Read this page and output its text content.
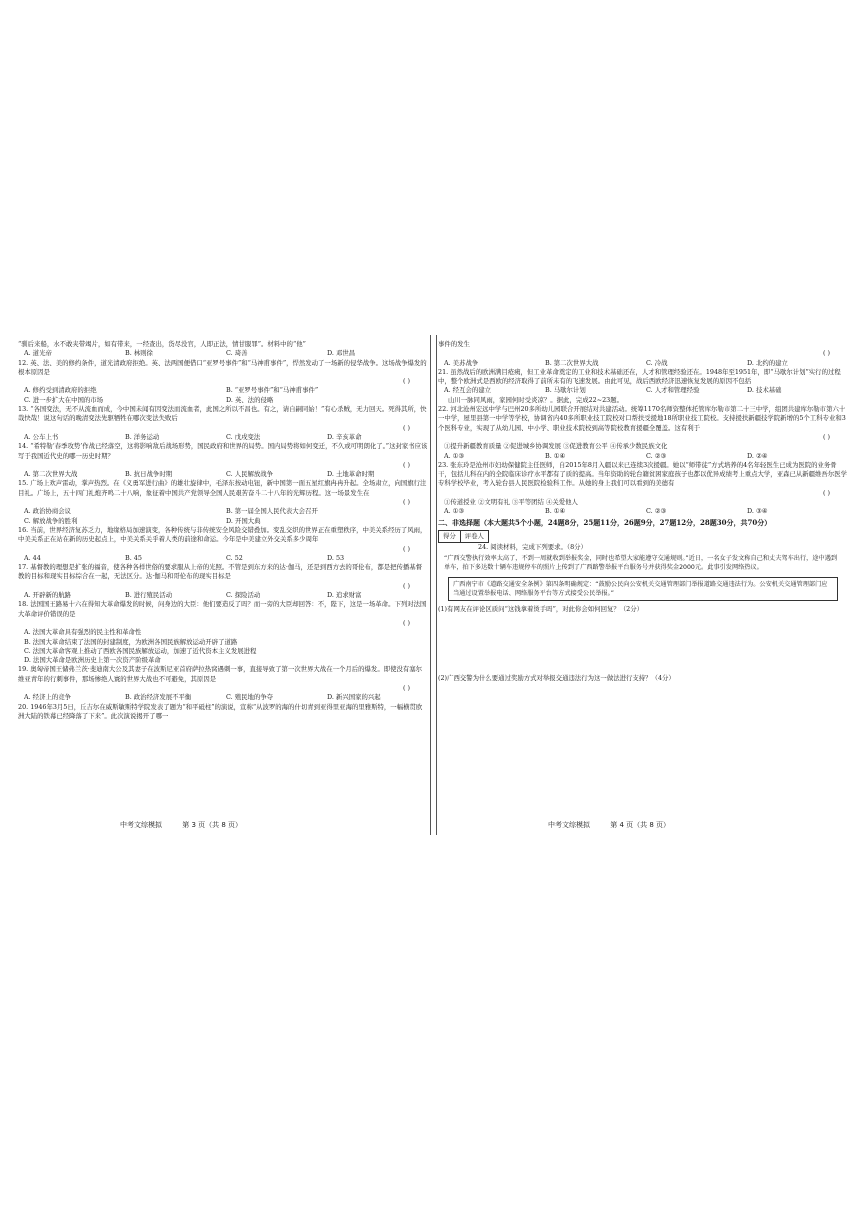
“驯后来船，水不敢夹带竭片，如有带来，一经查出，货尽没官，人即正法，情甘服罪”。材料中的“他”

A. 道光帝	B. 林则徐	C. 琦善	D. 邓世昌

12. 英、法、美的修约条件，道光清政府拒绝。英、法两国便借口“亚罗号事件”和“马神甫事件”，悍然发动了一场新的侵华战争。这场战争爆发的根本原因是

( )
A. 修约受到清政府的拒绝	B. “亚罗号事件”和“马神甫事件”
C. 进一步扩大在中国的市场	D. 英、法的侵略

13. “各国变法，无不从流血而成，今中国未闻有因变法而流血者，此国之所以不昌也。有之，请自嗣同始！”有心杀贼，无力回天。死得其所，快哉快哉！说这句话的晚清变法先驱牺牲在哪次变法失败后

( )
A. 公车上书	B. 洋务运动	C. 戊戌变法	D. 辛亥革命

14. “希特勒‘春季攻势’作战已经落空，这将影响敌后战场形势，国民政府和世界的局势。国内局势将如何变迁，不久或可明朗化了。”这封家书应该写于我国近代史的哪一历史时期？

( )
A. 第二次世界大战	B. 抗日战争时期	C. 人民解放战争	D. 土地革命时期

15. 广场上欢声雷动，掌声热烈。在《义勇军进行曲》的雄壮旋律中，毛泽东按动电钮，新中国第一面五星红旗冉冉升起。全场肃立，向国旗行注目礼。广场上，五十四门礼炮齐鸣二十八响，象征着中国共产党领导全国人民艰苦奋斗二十八年的光辉历程。这一场景发生在

( )
A. 政治协商会议	B. 第一届全国人民代表大会召开
C. 解放战争的胜利	D. 开国大典

16. 当前，世界经济复苏乏力，地缘格局加速演变，各种传统与非传统安全风险交错叠加。变乱交织的世界正在重塑秩序，中美关系经历了风雨，中美关系正在站在新的历史起点上，中美关系关乎着人类的前途和命运。今年是中美建立外交关系多少周年

( )
A. 44	B. 45	C. 52	D. 53

17. 基督教的理想是扩张的福音，使各种各样世俗的要求服从上帝的光照。不管是到东方来的达·伽马，还是到西方去的哥伦布，都是把传播基督教的目标和现实目标综合在一起，无法区分。达·伽马和哥伦布的现实目标是

( )
A. 开辟新的航路	B. 进行殖民活动	C. 探险活动	D. 追求财富

18. 法国国王路易十六在得知大革命爆发的时候，问身边的大臣：他们要造反了吗？而一旁的大臣却回答：不，陛下，这是一场革命。下列对法国大革命评价错误的是

( )
A. 法国大革命具有强烈的民主性和革命性
B. 法国大革命结束了法国的封建制度，为欧洲各国民族解放运动开辟了道路
C. 法国大革命客观上推动了西欧各国民族解放运动，加速了近代资本主义发展进程
D. 法国大革命是欧洲历史上第一次资产阶级革命

19. 奥匈帝国王储弗兰茨·斐迪南大公及其妻子在波斯尼亚首府萨拉热窝遇刺一事，直接导致了第一次世界大战在一个月后的爆发。即使没有塞尔维亚青年的行刺事件，那场惨绝人寰的世界大战也不可避免，其原因是

( )
A. 经济上的竞争	B. 政治经济发展不平衡	C. 殖民地的争夺	D. 新兴国家的兴起

20. 1946年3月5日，丘吉尔在威斯敏斯特学院发表了题为“和平砥柱”的演说，宣称“从波罗的海的什切青到亚得里亚海的里雅斯特，一幅横贯欧洲大陆的铁幕已经降落了下来”。此次演说揭开了哪一

中考文综模拟	第 3 页（共 8 页）

事件的发生

( )
A. 美苏战争	B. 第二次世界大战	C. 冷战	D. 北约的建立

21. 虽然战后的欧洲满目疮痍，但工业革命奠定的工业和技术基础还在，人才和管理经验还在。1948年至1951年，即“马歇尔计划”实行的过程中，整个欧洲式是西欧的经济取得了前所未有的飞速发展。由此可见，战后西欧经济迅速恢复发展的原因不包括

A. 经互会的建立	B. 马歇尔计划	C. 人才和管理经验	D. 技术基础

山川一脉同风雨，家园何时受炎凉？。据此，完成22~23题。

22. 河北沧州宏远中学与巴州20多所幼儿园联合开展结对共建活动。统筹1170名师资整体托管库尔勒市第二十三中学，组团共建库尔勒市第六十一中学，屋里县第一中学等学校，协调省内40多所职业技工院校对口帮扶受援地18所职业技工院校。支持援扶新疆技学院新增的5个工科专业和3个医科专业，实现了从幼儿园、中小学、职业技术院校到高等院校教育援疆全覆盖。这有利于

( )

①提升新疆教育质量 ②促进城乡协调发展 ③促进教育公平 ④传承少数民族文化

A. ①③	B. ①④	C. ②③	D. ②④

23. 张东玲是沧州市妇幼保健院主任医师，自2015年8月入疆以来已连续3次援疆。她以“师带徒”方式培养的4名年轻医生已成为医院的业务骨干，包括儿科在内的全院临床诊疗水平都有了质的提高。当年资助的轮台籍贫困家庭孩子也都以优异成绩考上重点大学，亚森已从新疆维吾尔医学专科学校毕业，考入轮台县人民医院检验科工作。从她的身上我们可以看到的美德有

( )

①传道授业 ②文明有礼 ③平等团结 ④关爱他人

A. ①③	B. ①④	C. ②③	D. ③④
二、非选择题（本大题共5个小题，24题8分，25题11分，26题9分，27题12分，28题30分，共70分）
得分	评卷人

24. 阅读材料，完成下列要求。（8分）

“广西交警执行效率太高了，不到一周就收到举报奖金，同时也希望大家能遵守交通规则。”近日，一名女子发文称自己和丈夫驾车出行，途中遇到单车，拍下多达数十辆车违规停车的照片上传到了广西路警举报平台服务号并获得奖金2000元。此事引发网络热议。

广西南宁市《道路交通安全条例》第四条明确规定：“鼓励公民向公安机关交通管理部门举报道路交通违法行为。公安机关交通管理部门应当通过设置举报电话、网络服务平台等方式接受公民举报。”

(1)有网友在评论区质问“这钱拿着烫手吗”，对此你会如何回复？（2分）

(2)广西交警为什么要通过奖励方式对举报交通违法行为这一做法进行支持？（4分）

中考文综模拟	第 4 页（共 8 页）
